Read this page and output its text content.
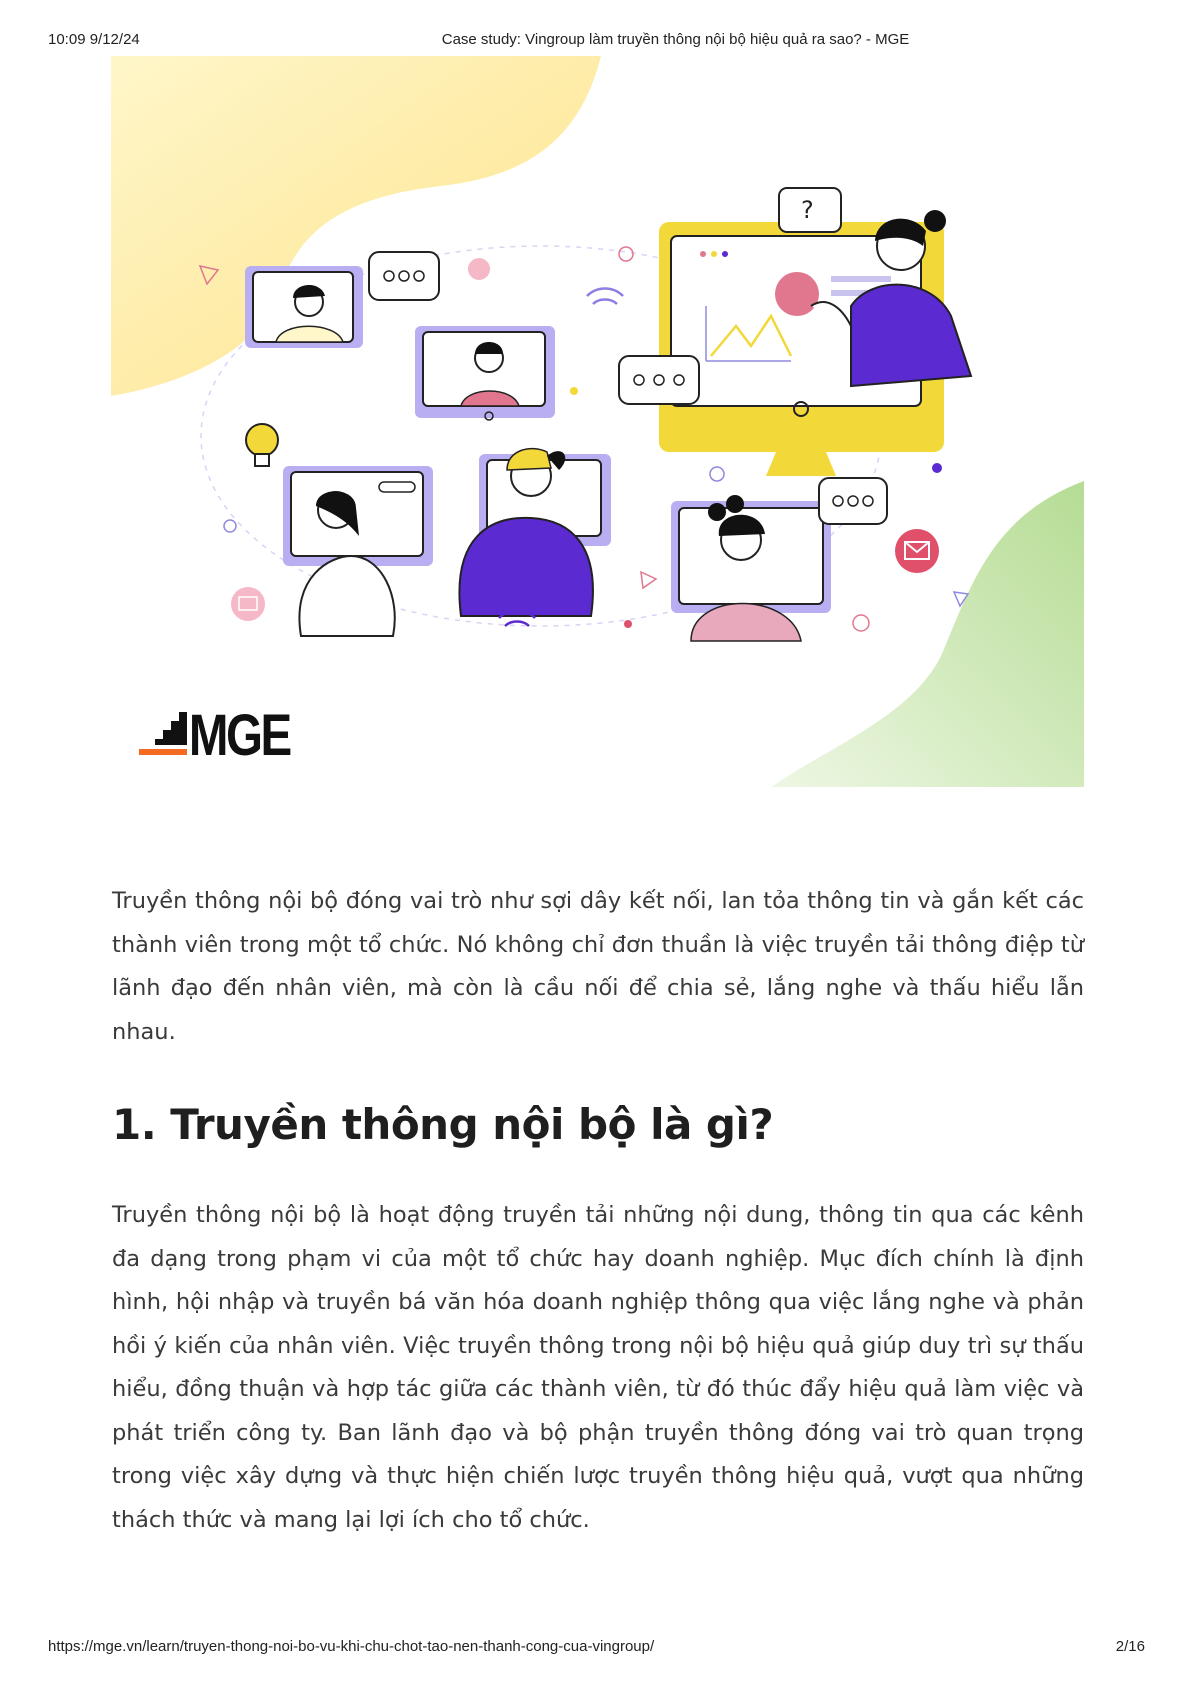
10:09 9/12/24	Case study: Vingroup làm truyền thông nội bộ hiệu quả ra sao? - MGE
?
MGE

Truyền thông nội bộ đóng vai trò như sợi dây kết nối, lan tỏa thông tin và gắn kết các thành viên trong một tổ chức. Nó không chỉ đơn thuần là việc truyền tải thông điệp từ lãnh đạo đến nhân viên, mà còn là cầu nối để chia sẻ, lắng nghe và thấu hiểu lẫn nhau.

1. Truyền thông nội bộ là gì?

Truyền thông nội bộ là hoạt động truyền tải những nội dung, thông tin qua các kênh đa dạng trong phạm vi của một tổ chức hay doanh nghiệp. Mục đích chính là định hình, hội nhập và truyền bá văn hóa doanh nghiệp thông qua việc lắng nghe và phản hồi ý kiến của nhân viên. Việc truyền thông trong nội bộ hiệu quả giúp duy trì sự thấu hiểu, đồng thuận và hợp tác giữa các thành viên, từ đó thúc đẩy hiệu quả làm việc và phát triển công ty. Ban lãnh đạo và bộ phận truyền thông đóng vai trò quan trọng trong việc xây dựng và thực hiện chiến lược truyền thông hiệu quả, vượt qua những thách thức và mang lại lợi ích cho tổ chức.

https://mge.vn/learn/truyen-thong-noi-bo-vu-khi-chu-chot-tao-nen-thanh-cong-cua-vingroup/	2/16
